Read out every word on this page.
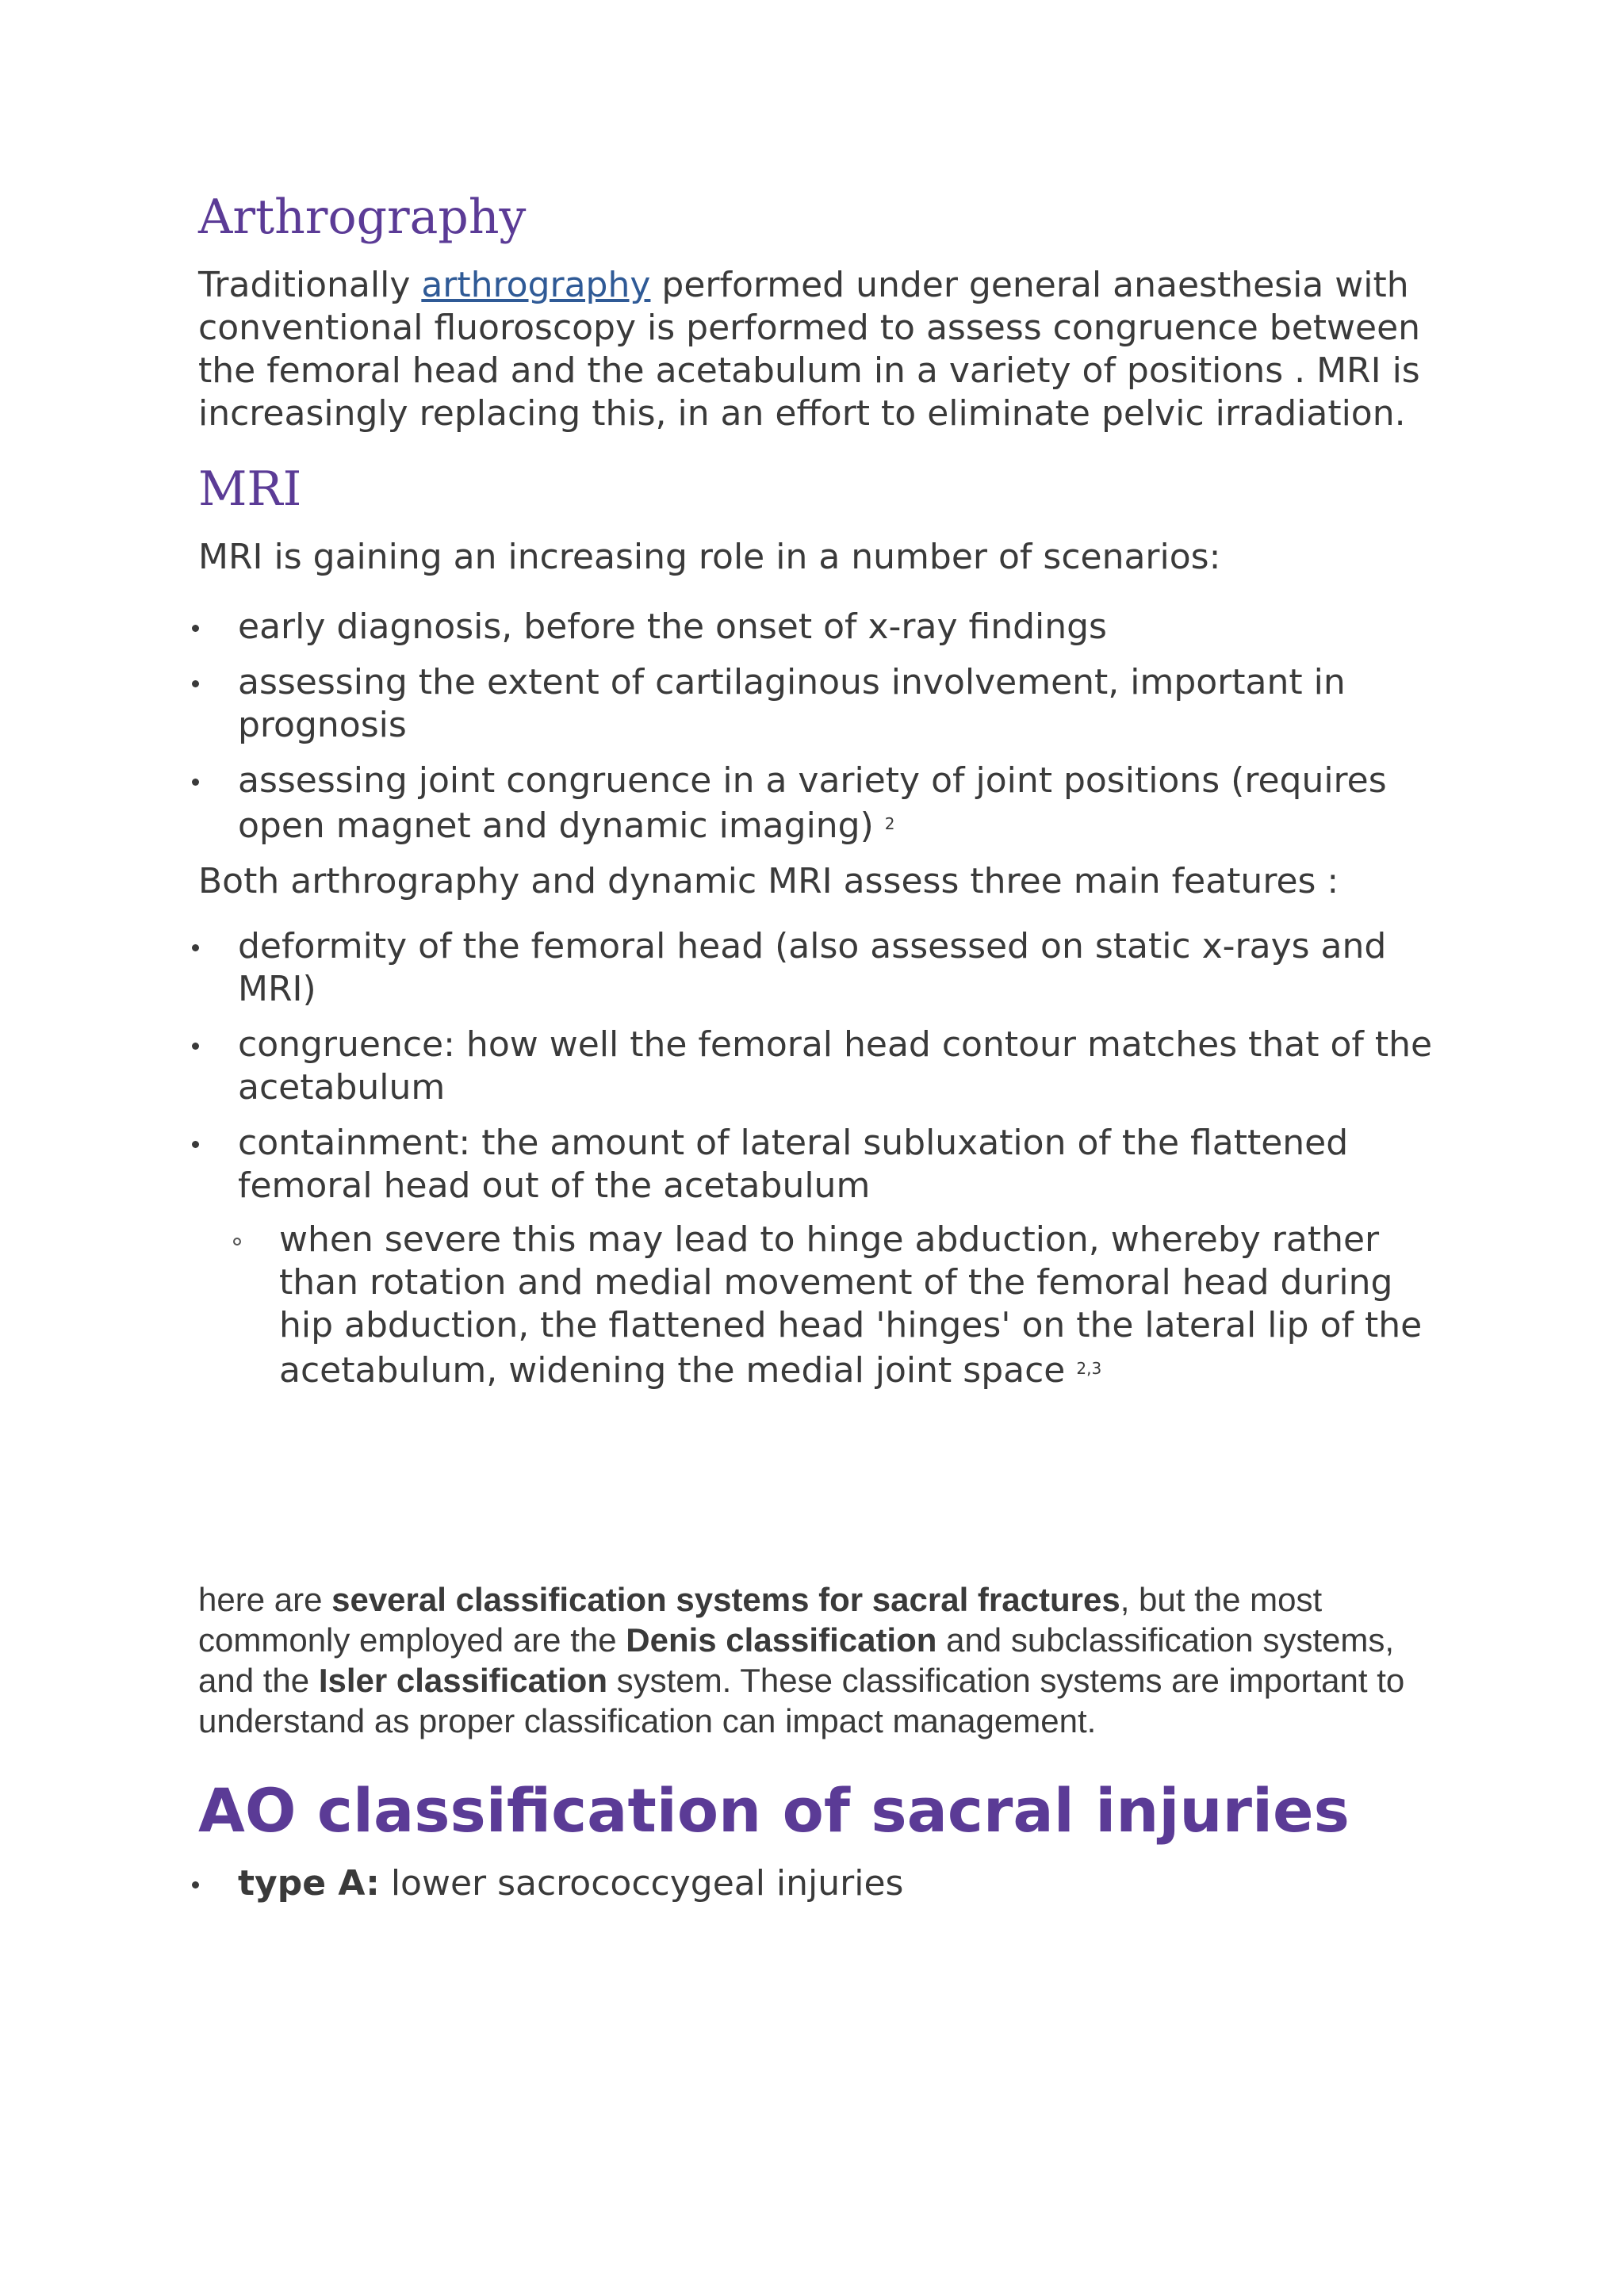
Arthrography

Traditionally arthrography performed under general anaesthesia with conventional fluoroscopy is performed to assess congruence between the femoral head and the acetabulum in a variety of positions . MRI is increasingly replacing this, in an effort to eliminate pelvic irradiation.

MRI

MRI is gaining an increasing role in a number of scenarios:

early diagnosis, before the onset of x-ray findings
assessing the extent of cartilaginous involvement, important in prognosis
assessing joint congruence in a variety of joint positions (requires open magnet and dynamic imaging) $^2$

Both arthrography and dynamic MRI assess three main features :

deformity of the femoral head (also assessed on static x-rays and MRI)
congruence: how well the femoral head contour matches that of the acetabulum
containment: the amount of lateral subluxation of the flattened femoral head out of the acetabulum
when severe this may lead to hinge abduction, whereby rather than rotation and medial movement of the femoral head during hip abduction, the flattened head 'hinges' on the lateral lip of the acetabulum, widening the medial joint space $^{2,3}$

here are several classification systems for sacral fractures, but the most commonly employed are the Denis classification and subclassification systems, and the Isler classification system. These classification systems are important to understand as proper classification can impact management.

AO classification of sacral injuries
type A: lower sacrococcygeal injuries
